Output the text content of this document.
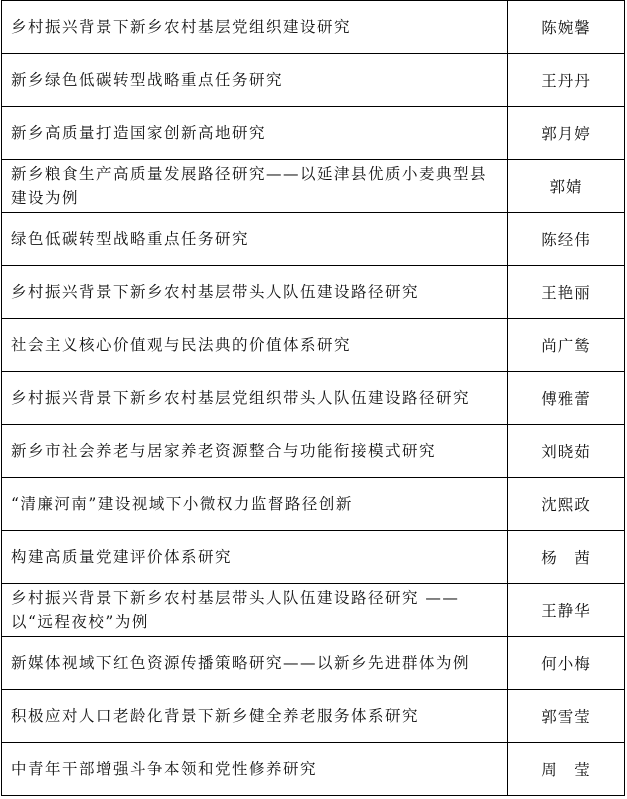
乡村振兴背景下新乡农村基层党组织建设研究	陈婉馨
新乡绿色低碳转型战略重点任务研究	王丹丹
新乡高质量打造国家创新高地研究	郭月婷
新乡粮食生产高质量发展路径研究——以延津县优质小麦典型县建设为例	郭婧
绿色低碳转型战略重点任务研究	陈经伟
乡村振兴背景下新乡农村基层带头人队伍建设路径研究	王艳丽
社会主义核心价值观与民法典的价值体系研究	尚广鸶
乡村振兴背景下新乡农村基层党组织带头人队伍建设路径研究	傅雅蕾
新乡市社会养老与居家养老资源整合与功能衔接模式研究	刘晓茹
“清廉河南”建设视域下小微权力监督路径创新	沈熙政
构建高质量党建评价体系研究	杨　茜
乡村振兴背景下新乡农村基层带头人队伍建设路径研究 ——以“远程夜校”为例	王静华
新媒体视域下红色资源传播策略研究——以新乡先进群体为例	何小梅
积极应对人口老龄化背景下新乡健全养老服务体系研究	郭雪莹
中青年干部增强斗争本领和党性修养研究	周　莹
